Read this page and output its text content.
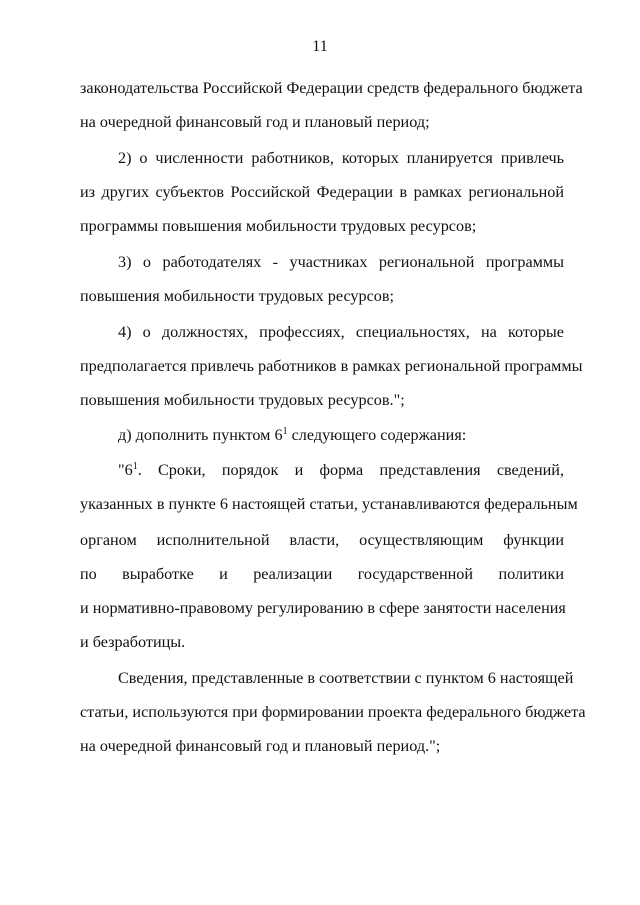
11
законодательства Российской Федерации средств федерального бюджета
на очередной финансовый год и плановый период;
2) о численности работников, которых планируется привлечь
из других субъектов Российской Федерации в рамках региональной
программы повышения мобильности трудовых ресурсов;
3) о работодателях - участниках региональной программы
повышения мобильности трудовых ресурсов;
4) о должностях, профессиях, специальностях, на которые
предполагается привлечь работников в рамках региональной программы
повышения мобильности трудовых ресурсов.";
д) дополнить пунктом $6^1$ следующего содержания:
"$6^1$. Сроки, порядок и форма представления сведений,
указанных в пункте 6 настоящей статьи, устанавливаются федеральным
органом исполнительной власти, осуществляющим функции
по выработке и реализации государственной политики
и нормативно-правовому регулированию в сфере занятости населения
и безработицы.
Сведения, представленные в соответствии с пунктом 6 настоящей
статьи, используются при формировании проекта федерального бюджета
на очередной финансовый год и плановый период.";
